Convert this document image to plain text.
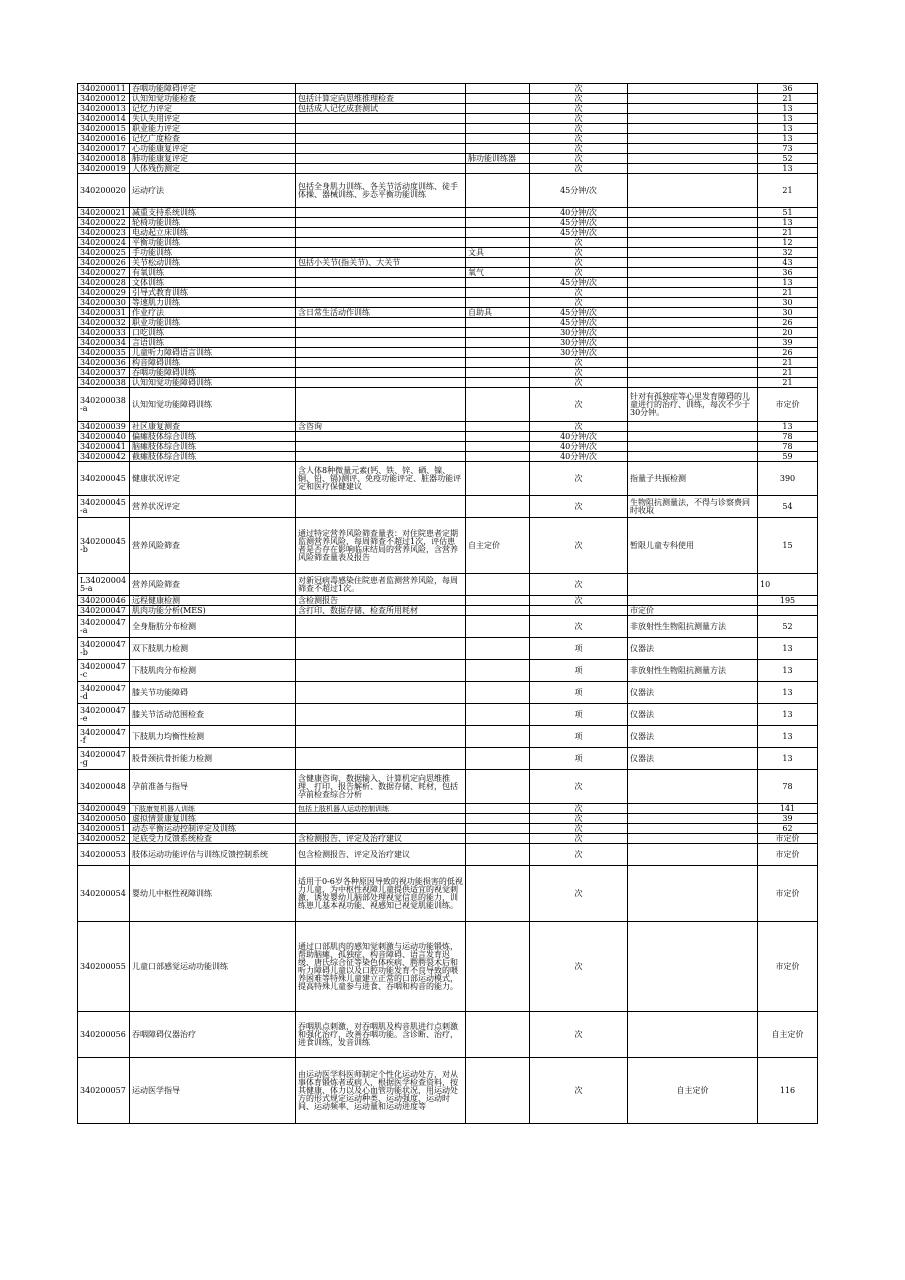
340200011	吞咽功能障碍评定			次		36
340200012	认知知觉功能检查	包括计算定向思维推理检查		次		21
340200013	记忆力评定	包括成人记忆成套测试		次		13
340200014	失认失用评定			次		13
340200015	职业能力评定			次		13
340200016	记忆广度检查			次		13
340200017	心功能康复评定			次		73
340200018	肺功能康复评定		肺功能训练器	次		52
340200019	人体残伤测定			次		13
340200020	运动疗法	包括全身肌力训练、各关节活动度训练、徒手体操、器械训练、步态平衡功能训练		45分钟/次		21
340200021	减重支持系统训练			40分钟/次		51
340200022	轮椅功能训练			45分钟/次		13
340200023	电动起立床训练			45分钟/次		21
340200024	平衡功能训练			次		12
340200025	手功能训练		文具	次		32
340200026	关节松动训练	包括小关节(指关节)、大关节		次		43
340200027	有氧训练		氧气	次		36
340200028	文体训练			45分钟/次		13
340200029	引导式教育训练			次		21
340200030	等速肌力训练			次		30
340200031	作业疗法	含日常生活动作训练	自助具	45分钟/次		30
340200032	职业功能训练			45分钟/次		26
340200033	口吃训练			30分钟/次		20
340200034	言语训练			30分钟/次		39
340200035	儿童听力障碍语言训练			30分钟/次		26
340200036	构音障碍训练			次		21
340200037	吞咽功能障碍训练			次		21
340200038	认知知觉功能障碍训练			次		21
340200038-a	认知知觉功能障碍训练			次	针对有孤独症等心里发育障碍的儿童进行的治疗、训练，每次不少于30分钟。	市定价
340200039	社区康复测查	含咨询		次		13
340200040	偏瘫肢体综合训练			40分钟/次		78
340200041	脑瘫肢体综合训练			40分钟/次		78
340200042	截瘫肢体综合训练			40分钟/次		59
340200045	健康状况评定	含人体8种微量元素(钙、铁、锌、硒、镍、铜、铅、镉)测评、免疫功能评定、脏器功能评定和医疗保健建议		次	指量子共振检测	390
340200045-a	营养状况评定			次	生物阻抗测量法，不得与诊察费同时收取	54
340200045-b	营养风险筛查	通过特定营养风险筛查量表：对住院患者定期监测营养风险，每周筛查不超过1次，评估患者是否存在影响临床结局的营养风险，含营养风险筛查量表及报告	自主定价	次	暂限儿童专科使用	15
L340200045-a	营养风险筛查	对新冠病毒感染住院患者监测营养风险，每周筛查不超过1次。		次		10
340200046	远程健康检测	含检测报告		次		195
340200047	肌肉功能分析(MES)	含打印、数据存储、检查所用耗材			市定价	
340200047-a	全身脂肪分布检测			次	非放射性生物阻抗测量方法	52
340200047-b	双下肢肌力检测			项	仪器法	13
340200047-c	下肢肌肉分布检测			项	非放射性生物阻抗测量方法	13
340200047-d	膝关节功能障碍			项	仪器法	13
340200047-e	膝关节活动范围检查			项	仪器法	13
340200047-f	下肢肌力均衡性检测			项	仪器法	13
340200047-g	股骨颈抗骨折能力检测			项	仪器法	13
340200048	孕前准备与指导	含健康咨询、数据输入、计算机定向思维推理、打印、报告解析、数据存储、耗材，包括孕前检查综合分析		次		78
340200049	下肢康复机器人训练	包括上肢机器人运动控制训练		次		141
340200050	虚拟情景康复训练			次		39
340200051	动态平衡运动控制评定及训练			次		62
340200052	足底受力反馈系统检查	含检测报告、评定及治疗建议		次		市定价
340200053	肢体运动功能评估与训练反馈控制系统	包含检测报告、评定及治疗建议		次		市定价
340200054	婴幼儿中枢性视障训练	适用于0-6岁各种原因导致的视功能损害的低视力儿童，为中枢性视障儿童提供适宜的视觉刺激，诱发婴幼儿脑部处理视觉信息的能力，训练患儿基本视功能、视感知已视觉肌能训练。		次		市定价
340200055	儿童口部感觉运动功能训练	通过口部肌肉的感知觉刺激与运动功能锻炼，帮助脑瘫、孤独症、构音障碍、语言发育迟缓、唐氏综合征等染色体疾病、腭腭裂术后和听力障碍儿童以及口腔功能发育不良导致的喂养困难等特殊儿童建立正常的口部运动模式，提高特殊儿童参与进食、吞咽和构音的能力。		次		市定价
340200056	吞咽障碍仪器治疗	吞咽肌点刺激，对吞咽肌及构音肌进行点刺激和强化治疗，改善吞咽功能。含诊断、治疗，进食训练，发音训练		次		自主定价
340200057	运动医学指导	由运动医学科医师制定个性化运动处方，对从事体育锻炼者或病人，根据医学检查资料，按其健康、体力以及心血管功能状况，用运动处方的形式规定运动种类、运动强度、运动时间、运动频率、运动量和运动进度等		次	自主定价	116
